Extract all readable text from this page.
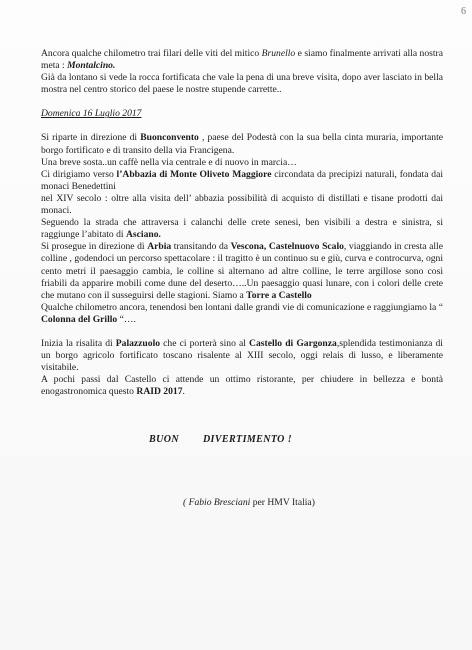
6

Ancora qualche chilometro trai filari delle viti del mitico Brunello e siamo finalmente arrivati alla nostra meta : Montalcino.

Già da lontano si vede la rocca fortificata che vale la pena di una breve visita, dopo aver lasciato in bella mostra nel centro storico del paese le nostre stupende carrette..

Domenica 16 Luglio 2017

Si riparte in direzione di Buonconvento , paese del Podestà con la sua bella cinta muraria, importante borgo fortificato e di transito della via Francigena.

Una breve sosta..un caffè nella via centrale e di nuovo in marcia…

Ci dirigiamo verso l’Abbazia di Monte Oliveto Maggiore circondata da precipizi naturali, fondata dai monaci Benedettini

nel XIV secolo : oltre alla visita dell’ abbazia possibilità di acquisto di distillati e tisane prodotti dai monaci.

Seguendo la strada che attraversa i calanchi delle crete senesi, ben visibili a destra e sinistra, si raggiunge l’abitato di Asciano.

Si prosegue in direzione di Arbia transitando da Vescona, Castelnuovo Scalo, viaggiando in cresta alle colline , godendoci un percorso spettacolare : il tragitto è un continuo su e giù, curva e controcurva, ogni cento metri il paesaggio cambia, le colline si alternano ad altre colline, le terre argillose sono così friabili da apparire mobili come dune del deserto…..Un paesaggio quasi lunare, con i colori delle crete che mutano con il susseguirsi delle stagioni. Siamo a Torre a Castello

Qualche chilometro ancora, tenendosi ben lontani dalle grandi vie di comunicazione e raggiungiamo la “ Colonna del Grillo “….

Inizia la risalita di Palazzuolo che ci porterà sino al Castello di Gargonza,splendida testimonianza di un borgo agricolo fortificato toscano risalente al XIII secolo, oggi relais di lusso, e liberamente visitabile.

A pochi passi dal Castello ci attende un ottimo ristorante, per chiudere in bellezza e bontà enogastronomica questo RAID 2017.

BUON DIVERTIMENTO !

( Fabio Bresciani per HMV Italia)
